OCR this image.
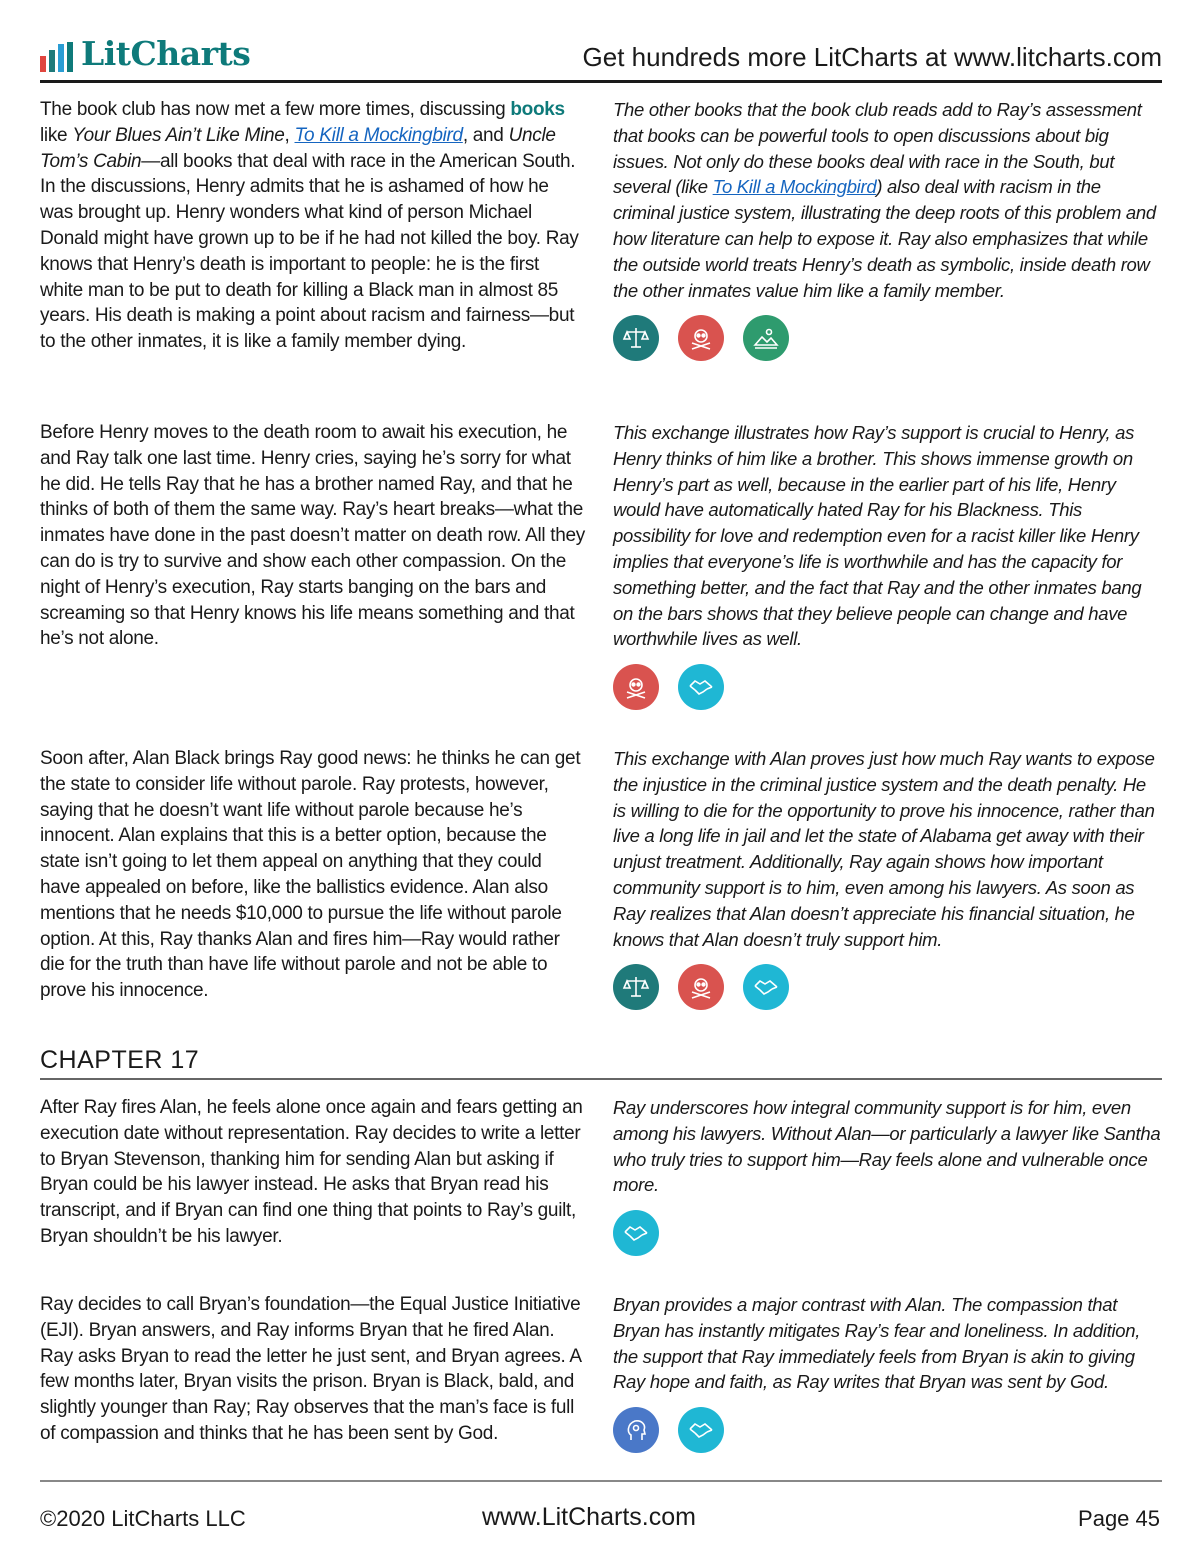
LitCharts	Get hundreds more LitCharts at www.litcharts.com
The book club has now met a few more times, discussing books like Your Blues Ain’t Like Mine, To Kill a Mockingbird, and Uncle Tom’s Cabin—all books that deal with race in the American South. In the discussions, Henry admits that he is ashamed of how he was brought up. Henry wonders what kind of person Michael Donald might have grown up to be if he had not killed the boy. Ray knows that Henry’s death is important to people: he is the first white man to be put to death for killing a Black man in almost 85 years. His death is making a point about racism and fairness—but to the other inmates, it is like a family member dying.
The other books that the book club reads add to Ray’s assessment that books can be powerful tools to open discussions about big issues. Not only do these books deal with race in the South, but several (like To Kill a Mockingbird) also deal with racism in the criminal justice system, illustrating the deep roots of this problem and how literature can help to expose it. Ray also emphasizes that while the outside world treats Henry’s death as symbolic, inside death row the other inmates value him like a family member.
Before Henry moves to the death room to await his execution, he and Ray talk one last time. Henry cries, saying he’s sorry for what he did. He tells Ray that he has a brother named Ray, and that he thinks of both of them the same way. Ray’s heart breaks—what the inmates have done in the past doesn’t matter on death row. All they can do is try to survive and show each other compassion. On the night of Henry’s execution, Ray starts banging on the bars and screaming so that Henry knows his life means something and that he’s not alone.
This exchange illustrates how Ray’s support is crucial to Henry, as Henry thinks of him like a brother. This shows immense growth on Henry’s part as well, because in the earlier part of his life, Henry would have automatically hated Ray for his Blackness. This possibility for love and redemption even for a racist killer like Henry implies that everyone’s life is worthwhile and has the capacity for something better, and the fact that Ray and the other inmates bang on the bars shows that they believe people can change and have worthwhile lives as well.
Soon after, Alan Black brings Ray good news: he thinks he can get the state to consider life without parole. Ray protests, however, saying that he doesn’t want life without parole because he’s innocent. Alan explains that this is a better option, because the state isn’t going to let them appeal on anything that they could have appealed on before, like the ballistics evidence. Alan also mentions that he needs $10,000 to pursue the life without parole option. At this, Ray thanks Alan and fires him—Ray would rather die for the truth than have life without parole and not be able to prove his innocence.
This exchange with Alan proves just how much Ray wants to expose the injustice in the criminal justice system and the death penalty. He is willing to die for the opportunity to prove his innocence, rather than live a long life in jail and let the state of Alabama get away with their unjust treatment. Additionally, Ray again shows how important community support is to him, even among his lawyers. As soon as Ray realizes that Alan doesn’t appreciate his financial situation, he knows that Alan doesn’t truly support him.
CHAPTER 17
After Ray fires Alan, he feels alone once again and fears getting an execution date without representation. Ray decides to write a letter to Bryan Stevenson, thanking him for sending Alan but asking if Bryan could be his lawyer instead. He asks that Bryan read his transcript, and if Bryan can find one thing that points to Ray’s guilt, Bryan shouldn’t be his lawyer.
Ray underscores how integral community support is for him, even among his lawyers. Without Alan—or particularly a lawyer like Santha who truly tries to support him—Ray feels alone and vulnerable once more.
Ray decides to call Bryan’s foundation—the Equal Justice Initiative (EJI). Bryan answers, and Ray informs Bryan that he fired Alan. Ray asks Bryan to read the letter he just sent, and Bryan agrees. A few months later, Bryan visits the prison. Bryan is Black, bald, and slightly younger than Ray; Ray observes that the man’s face is full of compassion and thinks that he has been sent by God.
Bryan provides a major contrast with Alan. The compassion that Bryan has instantly mitigates Ray’s fear and loneliness. In addition, the support that Ray immediately feels from Bryan is akin to giving Ray hope and faith, as Ray writes that Bryan was sent by God.
©2020 LitCharts LLC	www.LitCharts.com	Page 45
